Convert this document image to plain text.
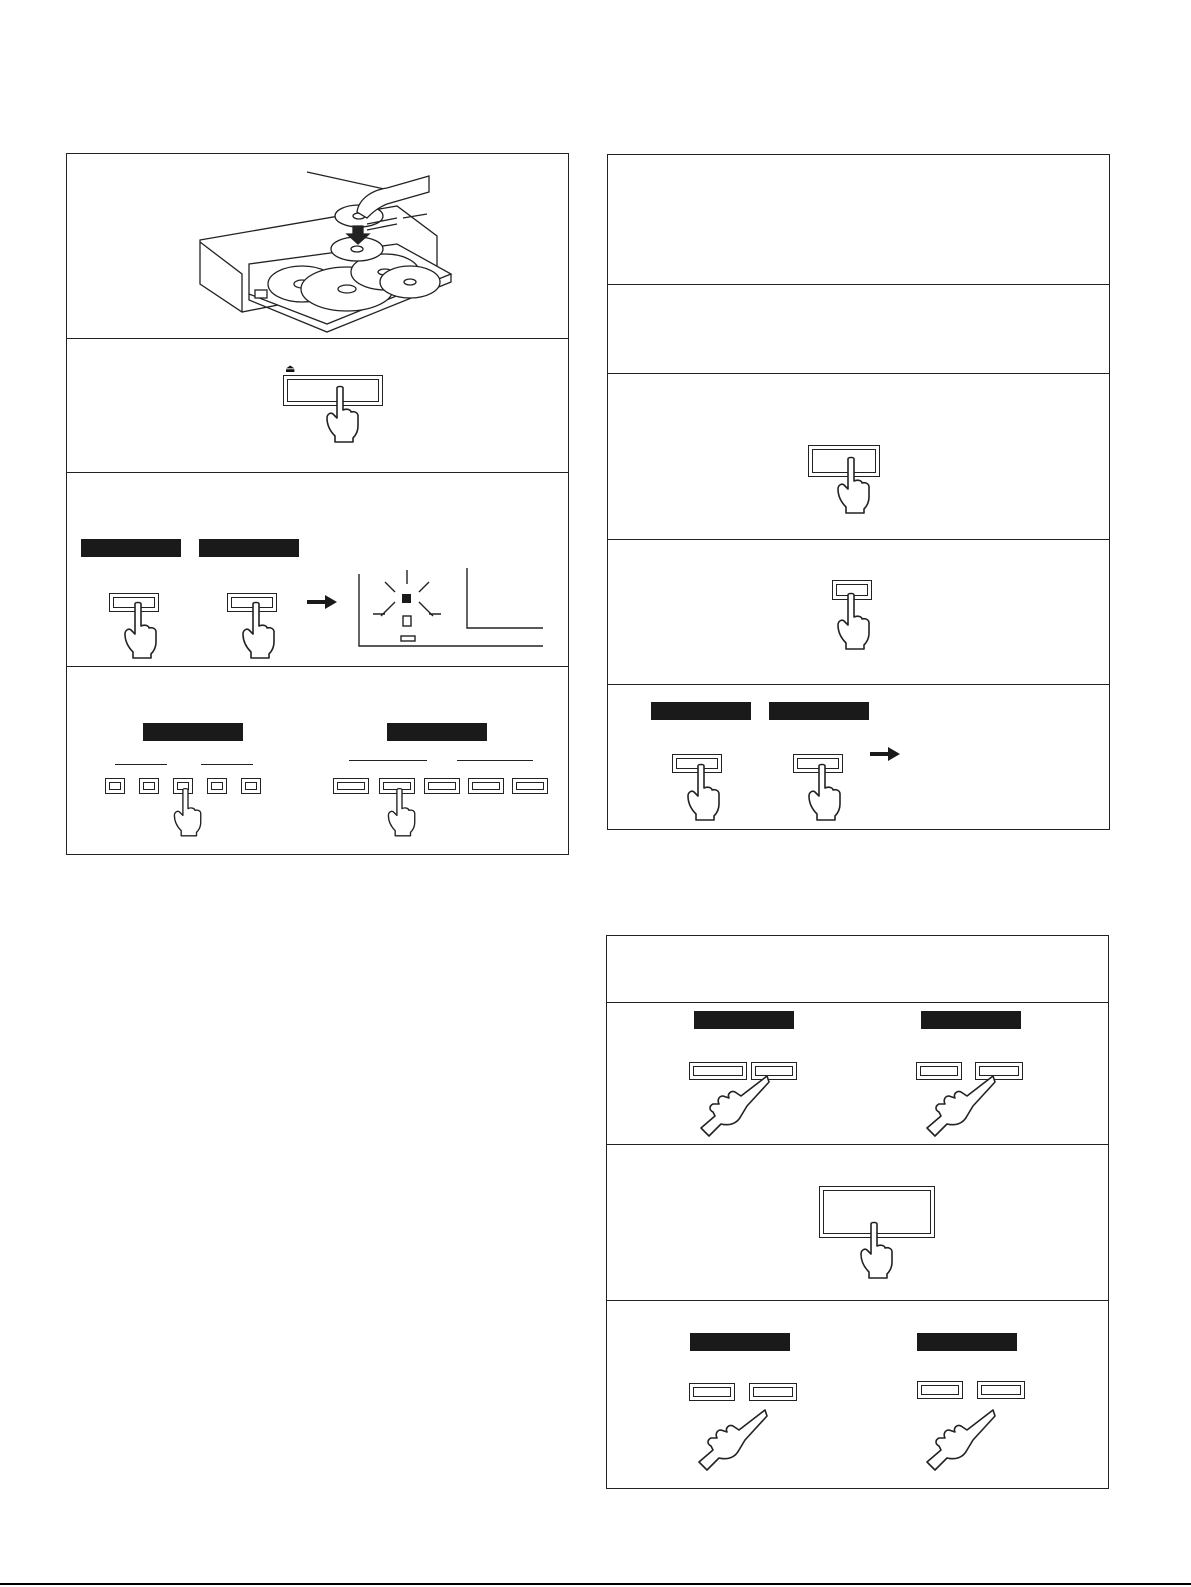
⏏
